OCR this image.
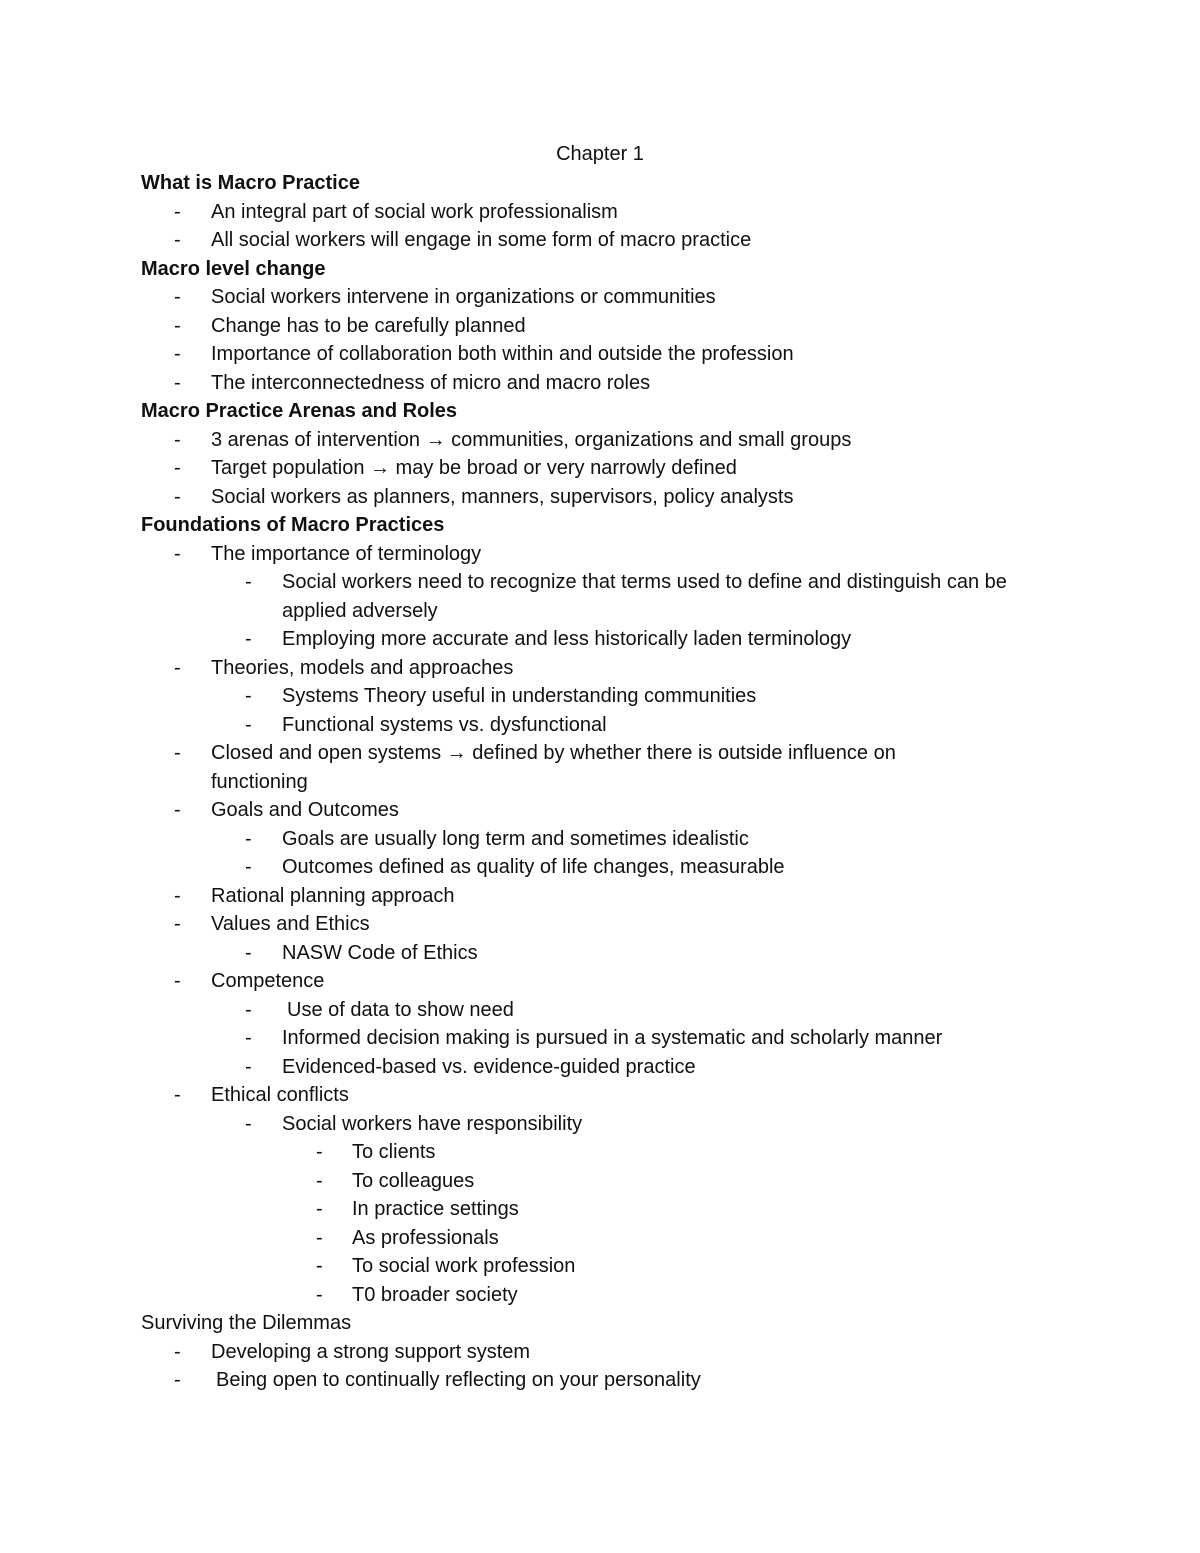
Chapter 1
What is Macro Practice
- An integral part of social work professionalism
- All social workers will engage in some form of macro practice
Macro level change
- Social workers intervene in organizations or communities
- Change has to be carefully planned
- Importance of collaboration both within and outside the profession
- The interconnectedness of micro and macro roles
Macro Practice Arenas and Roles
- 3 arenas of intervention → communities, organizations and small groups
- Target population → may be broad or very narrowly defined
- Social workers as planners, manners, supervisors, policy analysts
Foundations of Macro Practices
- The importance of terminology
- Social workers need to recognize that terms used to define and distinguish can be applied adversely
- Employing more accurate and less historically laden terminology
- Theories, models and approaches
- Systems Theory useful in understanding communities
- Functional systems vs. dysfunctional
- Closed and open systems → defined by whether there is outside influence on functioning
- Goals and Outcomes
- Goals are usually long term and sometimes idealistic
- Outcomes defined as quality of life changes, measurable
- Rational planning approach
- Values and Ethics
- NASW Code of Ethics
- Competence
- Use of data to show need
- Informed decision making is pursued in a systematic and scholarly manner
- Evidenced-based vs. evidence-guided practice
- Ethical conflicts
- Social workers have responsibility
- To clients
- To colleagues
- In practice settings
- As professionals
- To social work profession
- T0 broader society
Surviving the Dilemmas
- Developing a strong support system
- Being open to continually reflecting on your personality
